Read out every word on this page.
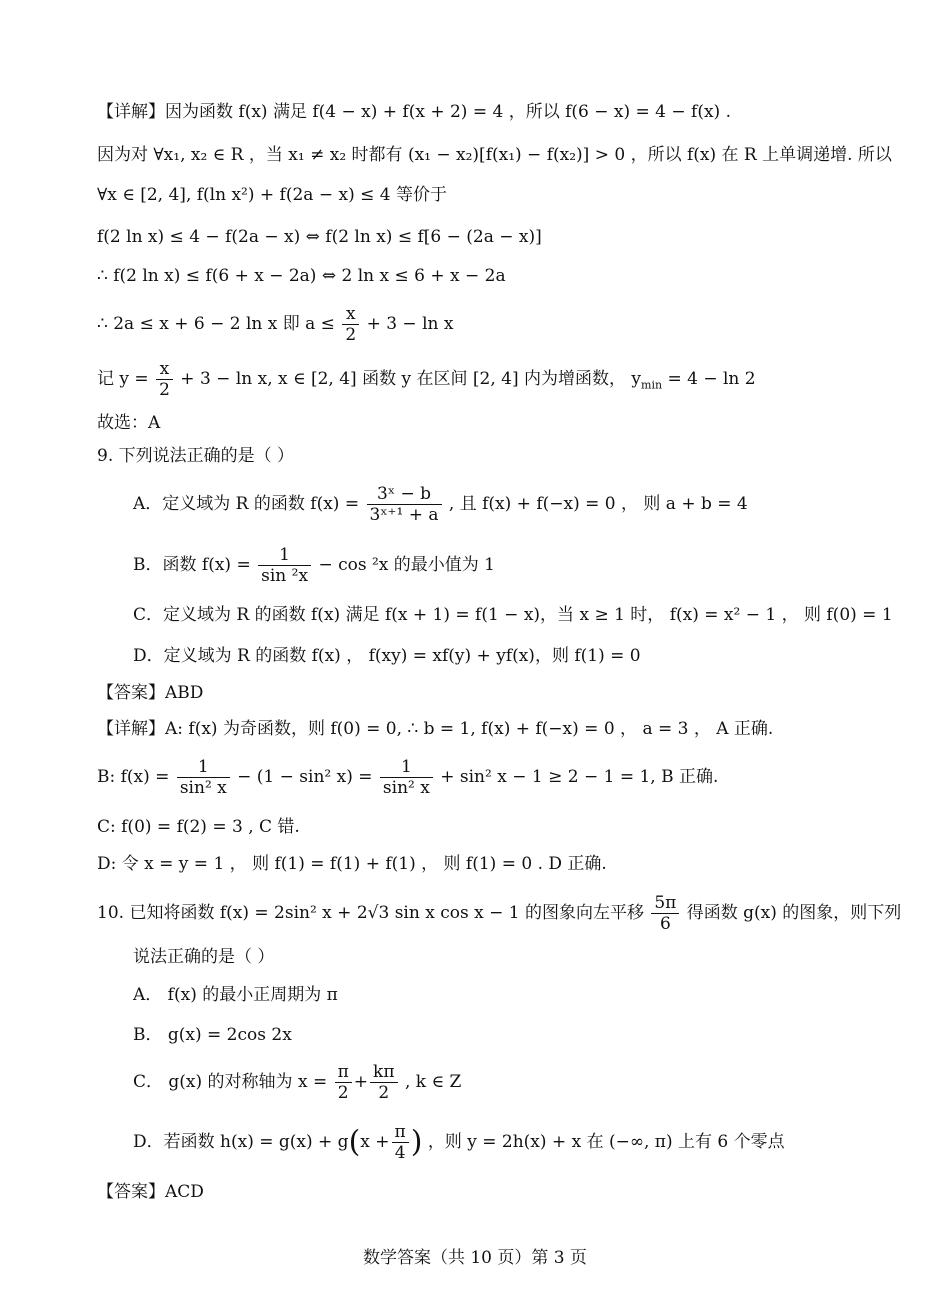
【详解】因为函数 f(x) 满足 f(4 − x) + f(x + 2) = 4 ，所以 f(6 − x) = 4 − f(x) .
因为对 ∀x₁, x₂ ∈ R ，当 x₁ ≠ x₂ 时都有 (x₁ − x₂)[f(x₁) − f(x₂)] > 0 ，所以 f(x) 在 R 上单调递增. 所以
∀x ∈ [2, 4], f(ln x²) + f(2a − x) ≤ 4 等价于
f(2 ln x) ≤ 4 − f(2a − x) ⇔ f(2 ln x) ≤ f[6 − (2a − x)]
∴ f(2 ln x) ≤ f(6 + x − 2a) ⇔ 2 ln x ≤ 6 + x − 2a
∴ 2a ≤ x + 6 − 2 ln x 即 $a \le \frac{x}{2} + 3 - \ln x$
记 $y = \frac{x}{2} + 3 - \ln x$, x ∈ [2, 4] 函数 y 在区间 [2, 4] 内为增函数， $y_{min} = 4 - \ln 2$
故选：A
9. 下列说法正确的是（ ）
A．定义域为 R 的函数 $f(x) = \frac{\text{3ˣ − b}}{\text{3ˣ⁺¹ + a}}$ , 且 f(x) + f(−x) = 0 ， 则 a + b = 4
B．函数 $f(x) = \frac{1}{\text{sin ²x}} - \cos ^2x$ 的最小值为 1
C．定义域为 R 的函数 f(x) 满足 f(x + 1) = f(1 − x)，当 x ≥ 1 时， f(x) = x² − 1 ， 则 f(0) = 1
D．定义域为 R 的函数 f(x) ， f(xy) = xf(y) + yf(x)，则 f(1) = 0
【答案】ABD
【详解】A: f(x) 为奇函数，则 f(0) = 0, ∴ b = 1, f(x) + f(−x) = 0 ， a = 3 ， A 正确.
B: $f(x) = \frac{1}{\text{sin² x}} - (1 - \sin^2$ $x) = \frac{1}{\text{sin² x}} + \sin^2$ x − 1 ≥ 2 − 1 = 1, B 正确.
C: f(0) = f(2) = 3 , C 错.
D: 令 x = y = 1 ， 则 f(1) = f(1) + f(1) ， 则 f(1) = 0 . D 正确.
10. 已知将函数 f(x) = 2sin² x + 2√3 sin x cos x − 1 的图象向左平移 $\frac{5\pi}{6}$ 得函数 g(x) 的图象，则下列
说法正确的是（ ）
A． f(x) 的最小正周期为 π
B． g(x) = 2cos 2x
C． g(x) 的对称轴为 $x = \frac{\pi}{2} + \frac{k\pi}{2}$ , k ∈ Z
D．若函数 $h(x) = g(x) + g(x + \frac{\pi}{4}$ ) ，则 y = 2h(x) + x 在 (−∞, π) 上有 6 个零点
【答案】ACD
数学答案（共 10 页）第 3 页
